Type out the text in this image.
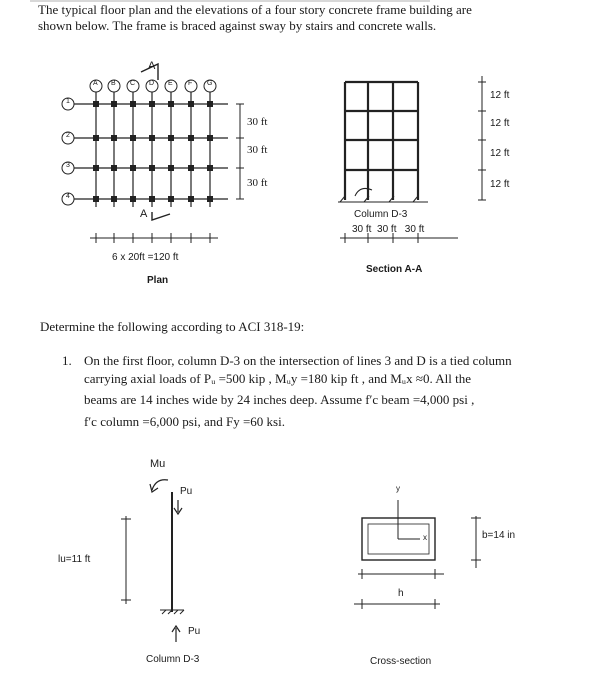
The typical floor plan and the elevations of a four story concrete frame building are
shown below. The frame is braced against sway by stairs and concrete walls.
A
A
A B C D E F G
1
2
3
4
30 ft
30 ft
30 ft
6 x 20ft =120 ft
Plan
12 ft
12 ft
12 ft
12 ft
Column D-3
30 ft  30 ft   30 ft
Section A-A
Determine the following according to ACI 318-19:
1. On the first floor, column D-3 on the intersection of lines 3 and D is a tied column
carrying axial loads of Pᵤ =500 kip , Mᵤy =180 kip ft , and Mᵤx ≈0. All the
beams are 14 inches wide by 24 inches deep. Assume f′c beam =4,000 psi ,
f′c column =6,000 psi, and Fy =60 ksi.
Mu
Pu
Pu
lu=11 ft
Column D-3
y
x
h
b=14 in
Cross-section
